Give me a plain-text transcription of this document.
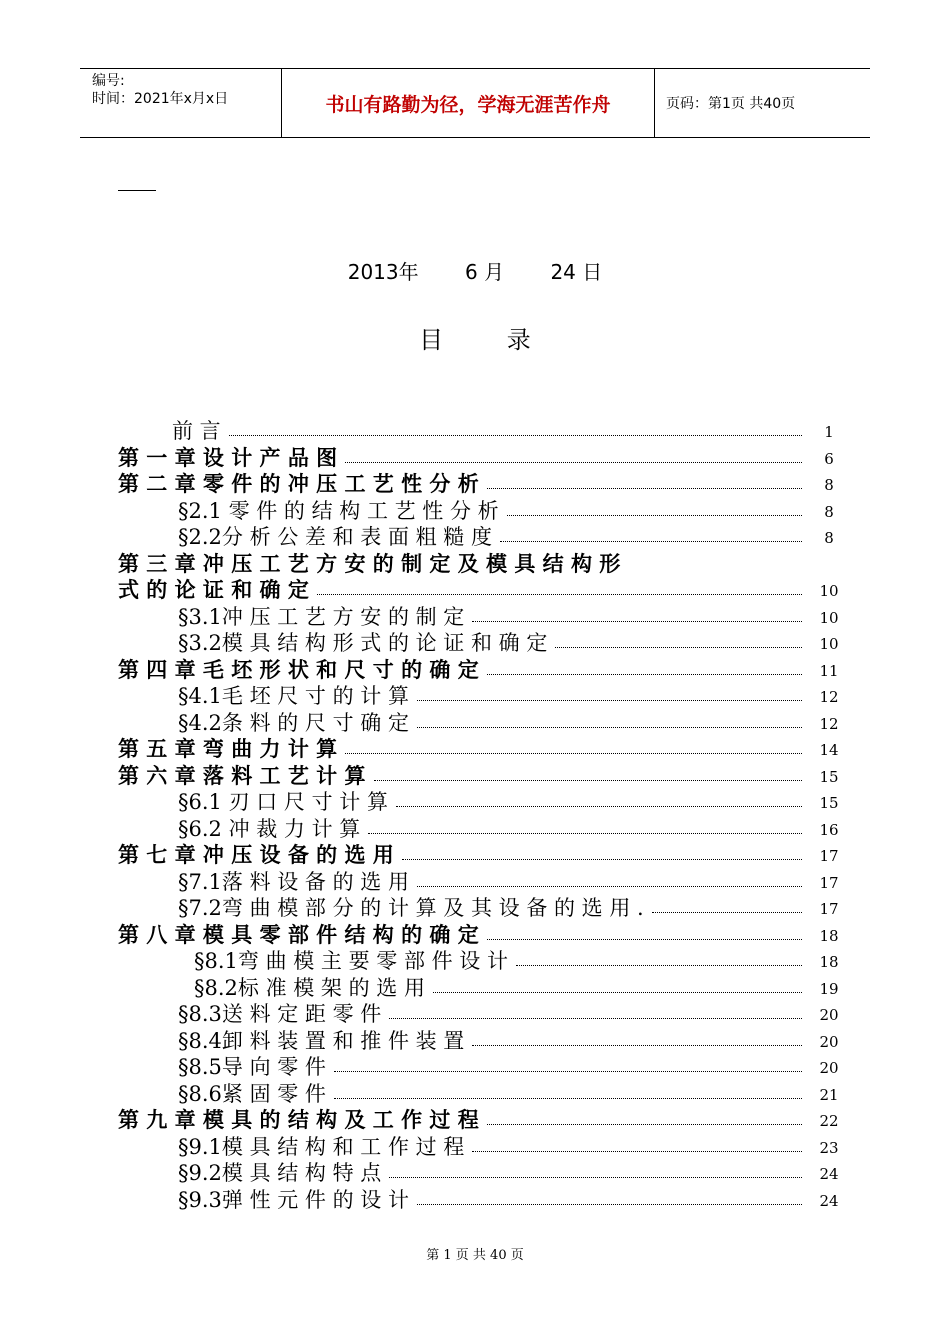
编号:
时间：2021年x月x日	书山有路勤为径，学海无涯苦作舟	页码：第1页 共40页
2013年 6 月 24 日
目 录
前 言	1
第 一 章 设 计 产 品 图	6
第 二 章 零 件 的 冲 压 工 艺 性 分 析	8
§2.1 零 件 的 结 构 工 艺 性 分 析	8
§2.2分 析 公 差 和 表 面 粗 糙 度	8
第 三 章 冲 压 工 艺 方 安 的 制 定 及 模 具 结 构 形
式 的 论 证 和 确 定	10
§3.1冲 压 工 艺 方 安 的 制 定	10
§3.2模 具 结 构 形 式 的 论 证 和 确 定	10
第 四 章 毛 坯 形 状 和 尺 寸 的 确 定	11
§4.1毛 坯 尺 寸 的 计 算	12
§4.2条 料 的 尺 寸 确 定	12
第 五 章 弯 曲 力 计 算	14
第 六 章 落 料 工 艺 计 算	15
§6.1 刃 口 尺 寸 计 算	15
§6.2 冲 裁 力 计 算	16
第 七 章 冲 压 设 备 的 选 用	17
§7.1落 料 设 备 的 选 用	17
§7.2弯 曲 模 部 分 的 计 算 及 其 设 备 的 选 用 .	17
第 八 章 模 具 零 部 件 结 构 的 确 定	18
§8.1弯 曲 模 主 要 零 部 件 设 计	18
§8.2标 准 模 架 的 选 用	19
§8.3送 料 定 距 零 件	20
§8.4卸 料 装 置 和 推 件 装 置	20
§8.5导 向 零 件	20
§8.6紧 固 零 件	21
第 九 章 模 具 的 结 构 及 工 作 过 程	22
§9.1模 具 结 构 和 工 作 过 程	23
§9.2模 具 结 构 特 点	24
§9.3弹 性 元 件 的 设 计	24
第 1 页 共 40 页
